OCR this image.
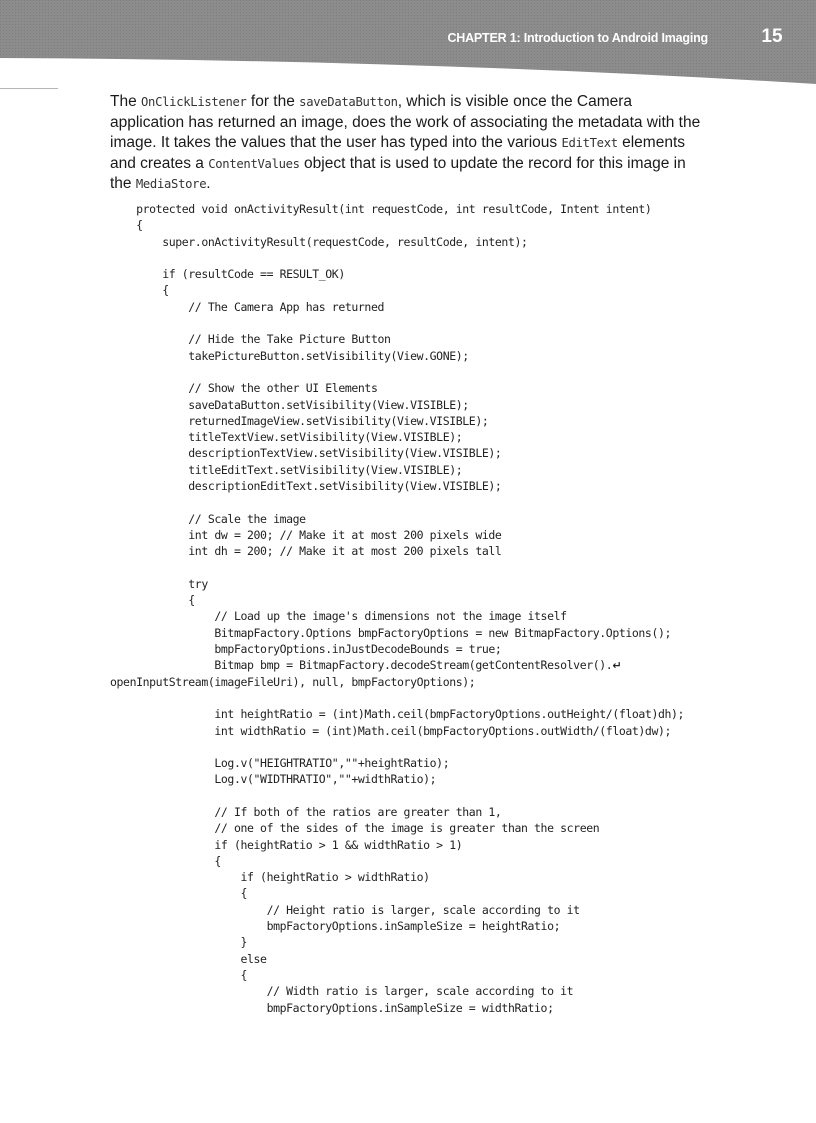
CHAPTER 1: Introduction to Android Imaging	15
The OnClickListener for the saveDataButton, which is visible once the Camera
application has returned an image, does the work of associating the metadata with the
image. It takes the values that the user has typed into the various EditText elements
and creates a ContentValues object that is used to update the record for this image in
the MediaStore.
protected void onActivityResult(int requestCode, int resultCode, Intent intent)
{
super.onActivityResult(requestCode, resultCode, intent);
if (resultCode == RESULT_OK)
{
// The Camera App has returned
// Hide the Take Picture Button
takePictureButton.setVisibility(View.GONE);
// Show the other UI Elements
saveDataButton.setVisibility(View.VISIBLE);
returnedImageView.setVisibility(View.VISIBLE);
titleTextView.setVisibility(View.VISIBLE);
descriptionTextView.setVisibility(View.VISIBLE);
titleEditText.setVisibility(View.VISIBLE);
descriptionEditText.setVisibility(View.VISIBLE);
// Scale the image
int dw = 200; // Make it at most 200 pixels wide
int dh = 200; // Make it at most 200 pixels tall
try
{
// Load up the image's dimensions not the image itself
BitmapFactory.Options bmpFactoryOptions = new BitmapFactory.Options();
bmpFactoryOptions.inJustDecodeBounds = true;
Bitmap bmp = BitmapFactory.decodeStream(getContentResolver().↵
openInputStream(imageFileUri), null, bmpFactoryOptions);
int heightRatio = (int)Math.ceil(bmpFactoryOptions.outHeight/(float)dh);
int widthRatio = (int)Math.ceil(bmpFactoryOptions.outWidth/(float)dw);
Log.v("HEIGHTRATIO",""+heightRatio);
Log.v("WIDTHRATIO",""+widthRatio);
// If both of the ratios are greater than 1,
// one of the sides of the image is greater than the screen
if (heightRatio > 1 && widthRatio > 1)
{
if (heightRatio > widthRatio)
{
// Height ratio is larger, scale according to it
bmpFactoryOptions.inSampleSize = heightRatio;
}
else
{
// Width ratio is larger, scale according to it
bmpFactoryOptions.inSampleSize = widthRatio;
